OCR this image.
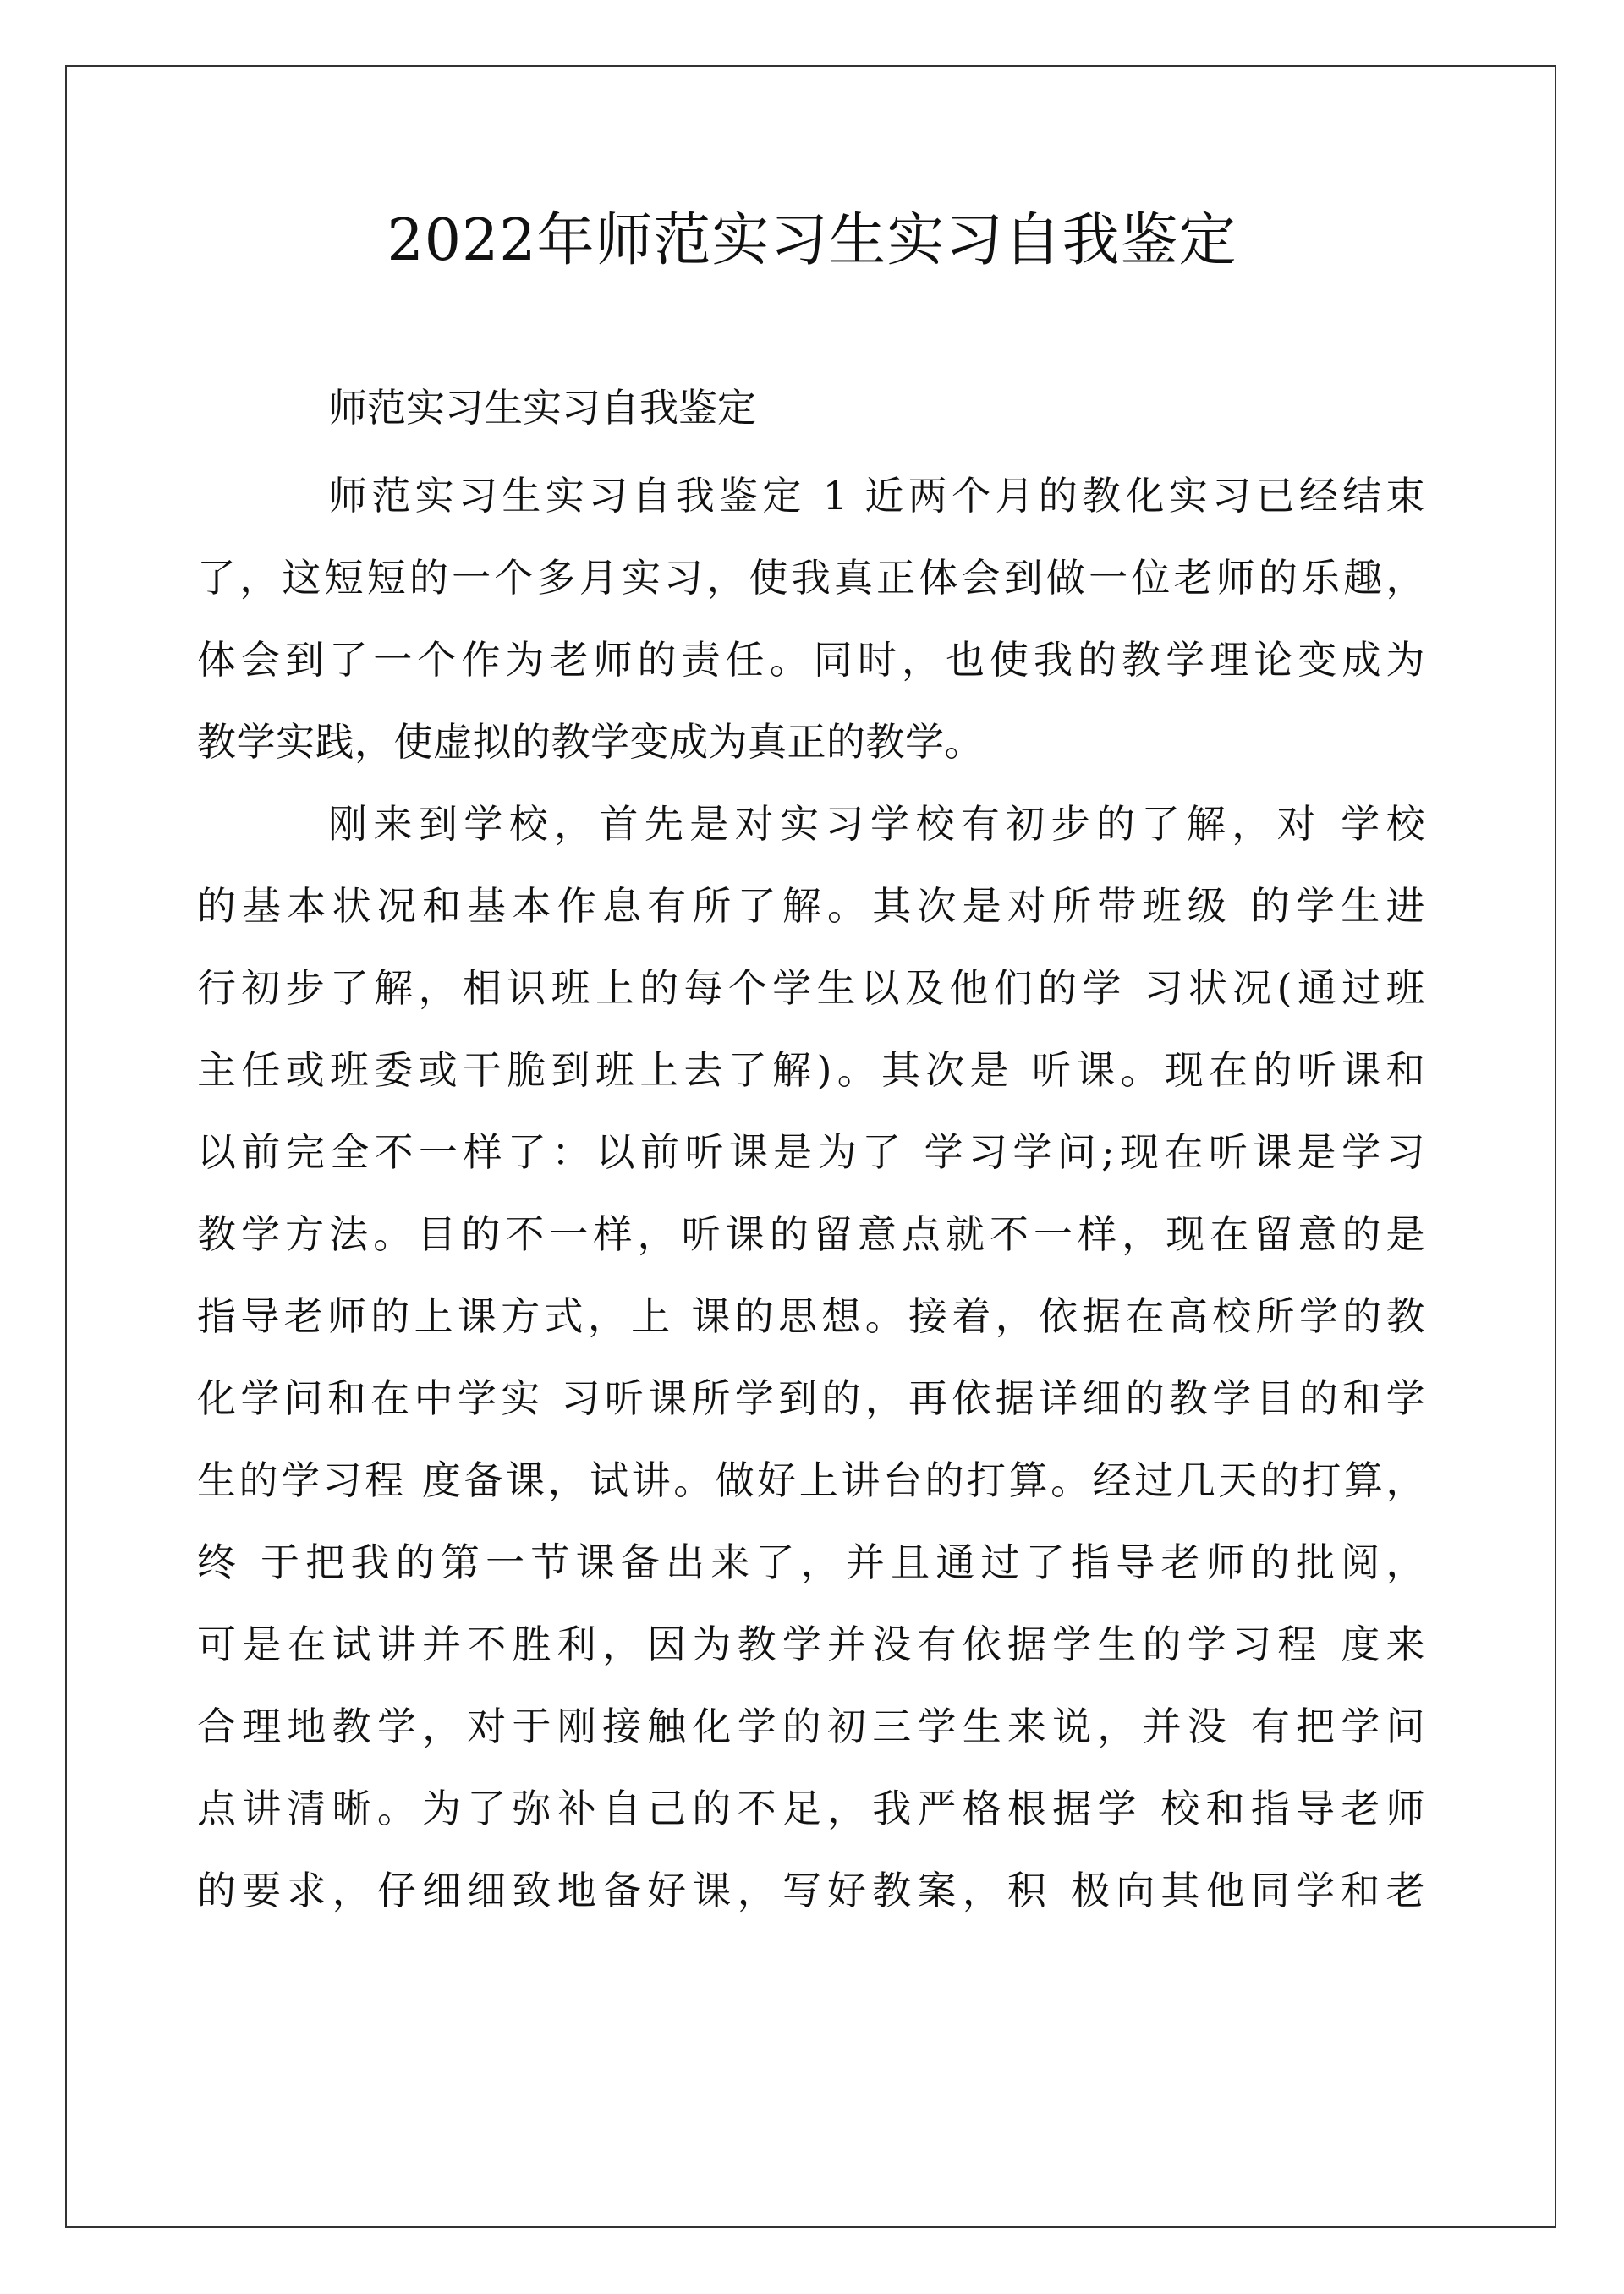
2022年师范实习生实习自我鉴定

师范实习生实习自我鉴定

师范实习生实习自我鉴定 1 近两个月的教化实习已经结束
了，这短短的一个多月实习，使我真正体会到做一位老师的乐趣，
体会到了一个作为老师的责任。同时，也使我的教学理论变成为
教学实践，使虚拟的教学变成为真正的教学。
刚来到学校，首先是对实习学校有初步的了解，对 学校
的基本状况和基本作息有所了解。其次是对所带班级 的学生进
行初步了解，相识班上的每个学生以及他们的学 习状况(通过班
主任或班委或干脆到班上去了解)。其次是 听课。现在的听课和
以前完全不一样了：以前听课是为了 学习学问;现在听课是学习
教学方法。目的不一样，听课的留意点就不一样，现在留意的是
指导老师的上课方式，上 课的思想。接着，依据在高校所学的教
化学问和在中学实 习听课所学到的，再依据详细的教学目的和学
生的学习程 度备课，试讲。做好上讲台的打算。经过几天的打算，
终 于把我的第一节课备出来了，并且通过了指导老师的批阅，
可是在试讲并不胜利，因为教学并没有依据学生的学习程 度来
合理地教学，对于刚接触化学的初三学生来说，并没 有把学问
点讲清晰。为了弥补自己的不足，我严格根据学 校和指导老师
的要求，仔细细致地备好课，写好教案，积 极向其他同学和老
